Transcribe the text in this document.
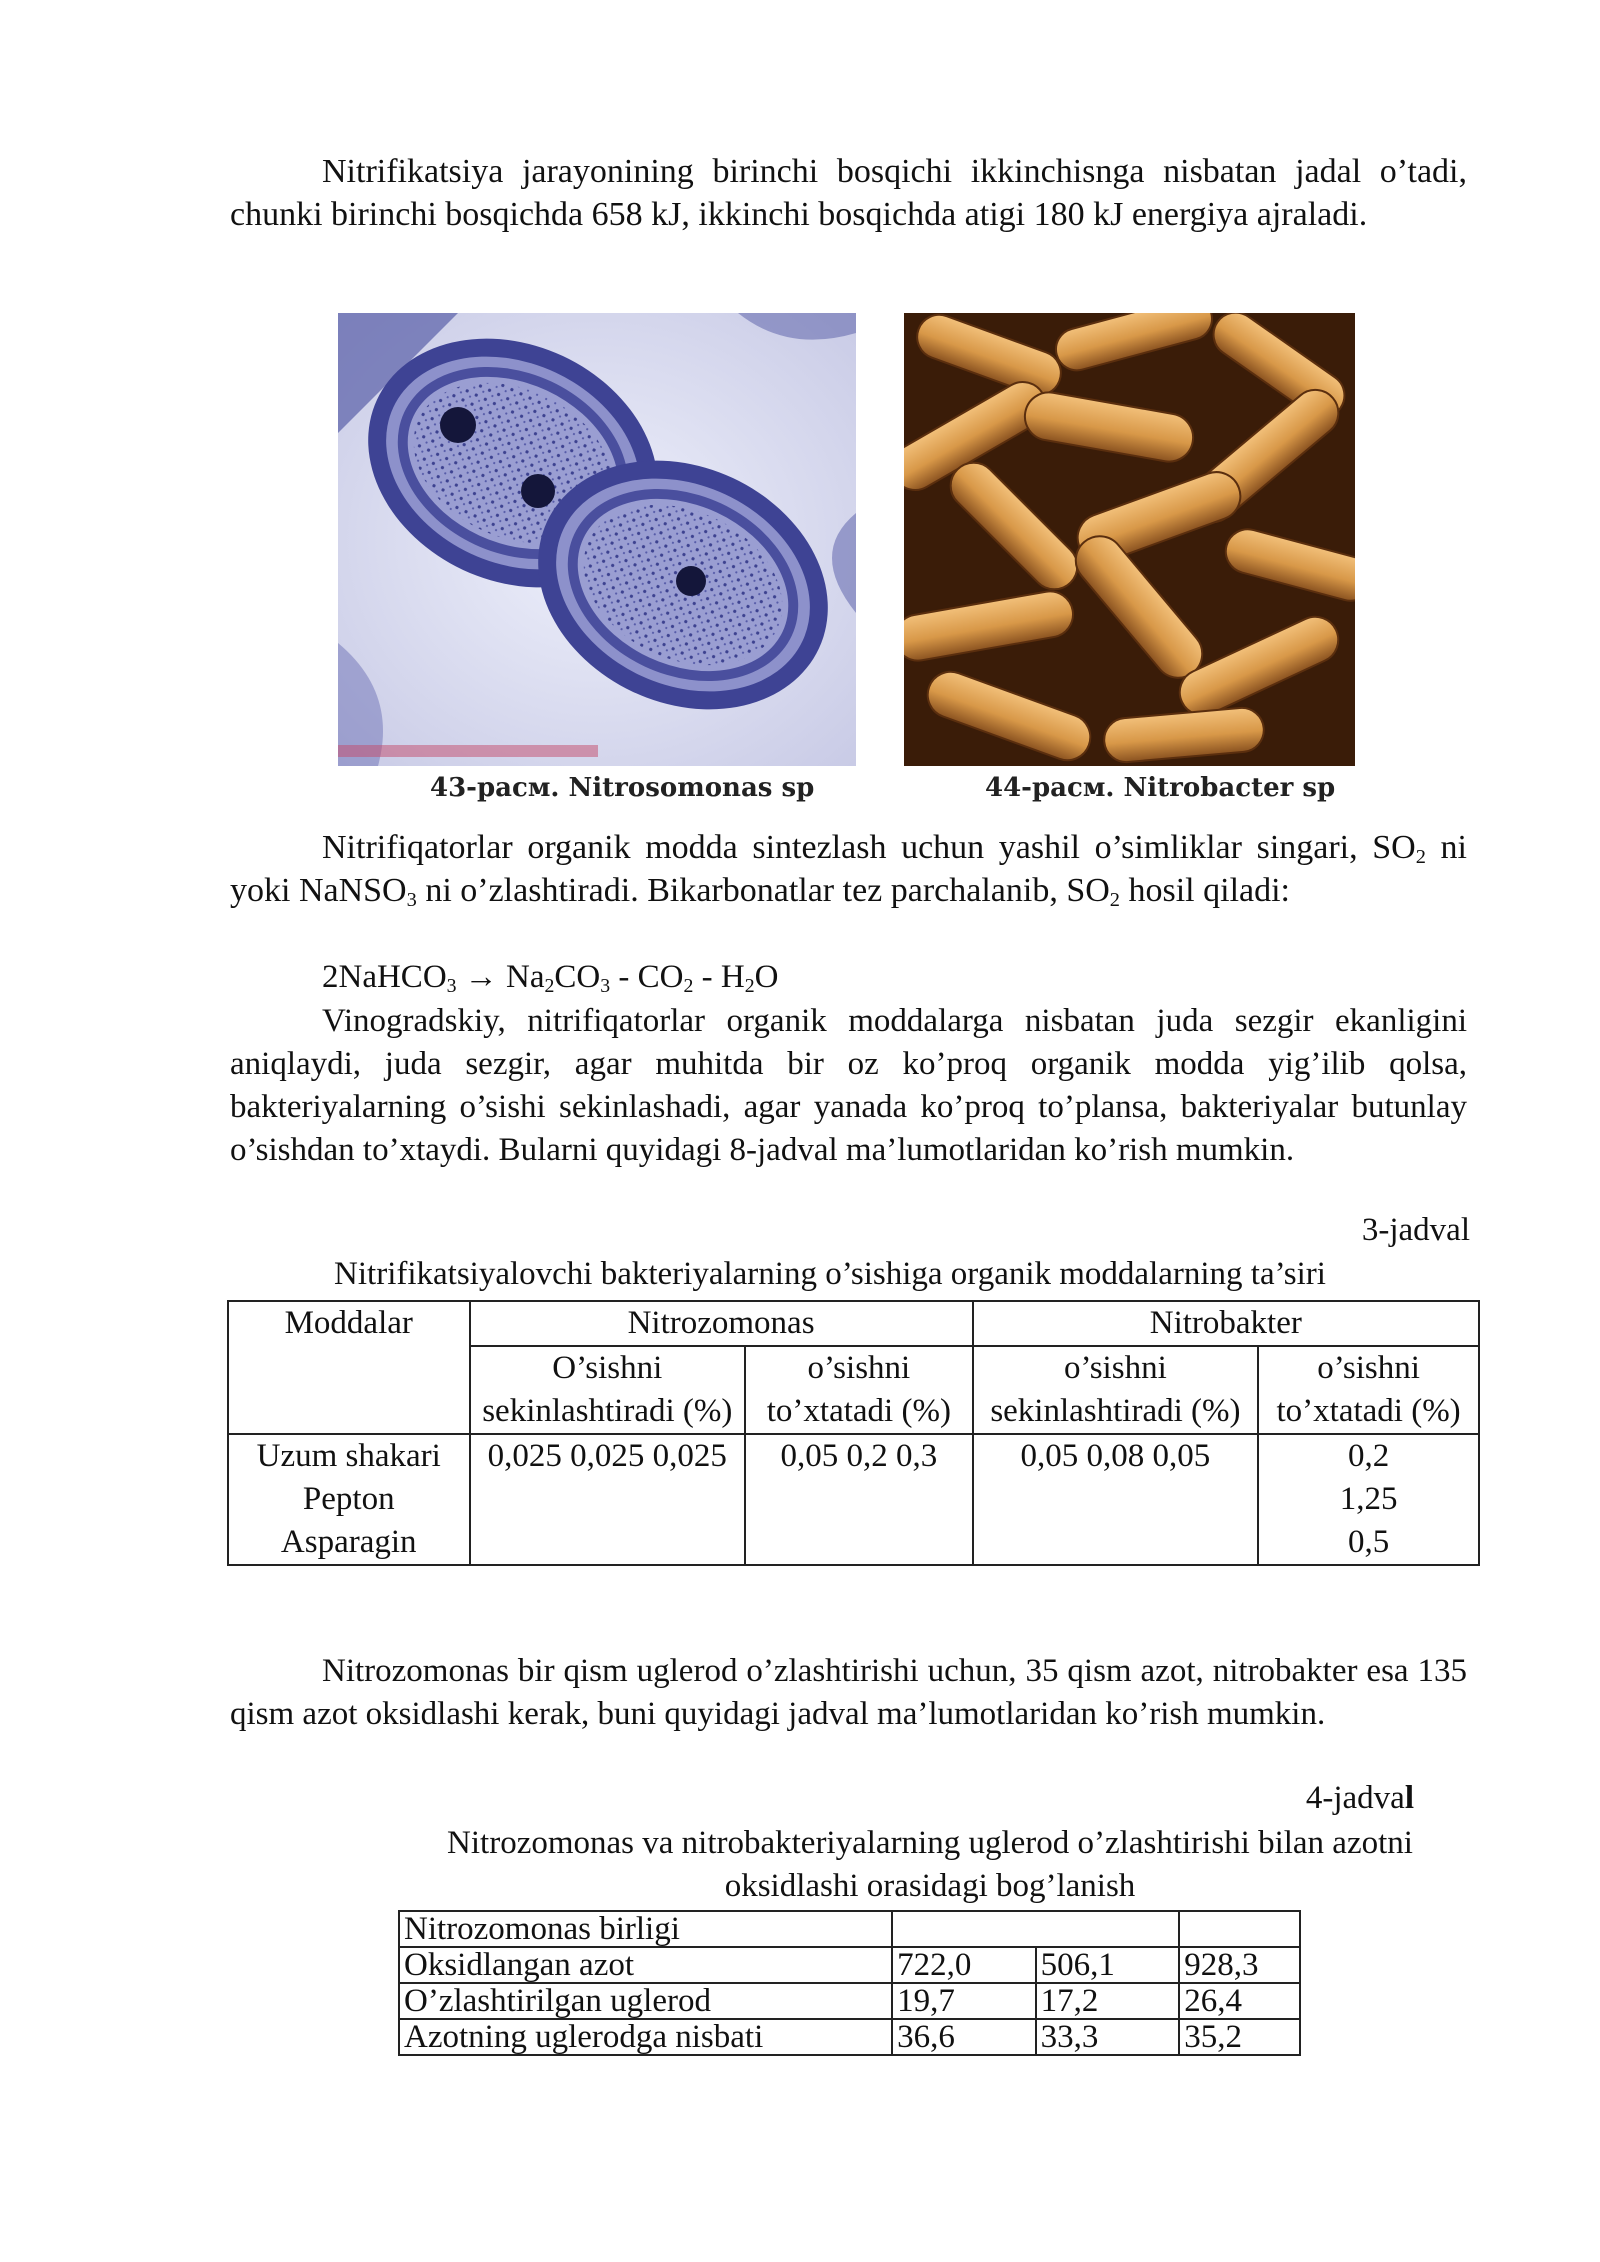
Nitrifikatsiya jarayonining birinchi bosqichi ikkinchisnga nisbatan jadal o’tadi, chunki birinchi bosqichda 658 kJ, ikkinchi bosqichda atigi 180 kJ energiya ajraladi.

43-расм. Nitrosomonas sp	44-расм. Nitrobacter sp

Nitrifiqatorlar organik modda sintezlash uchun yashil o’simliklar singari, $SO_2$ ni yoki NaNSO$_3$ ni o’zlashtiradi. Bikarbonatlar tez parchalanib, $SO_2$ hosil qiladi:

2NaHCO$_3$ → $Na_2CO_3 - CO_2 - H_2O$

Vinogradskiy, nitrifiqatorlar organik moddalarga nisbatan juda sezgir ekanligini aniqlaydi, juda sezgir, agar muhitda bir oz ko’proq organik modda yig’ilib qolsa, bakteriyalarning o’sishi sekinlashadi, agar yanada ko’proq to’plansa, bakteriyalar butunlay o’sishdan to’xtaydi. Bularni quyidagi 8-jadval ma’lumotlaridan ko’rish mumkin.

3-jadval
Nitrifikatsiyalovchi bakteriyalarning o’sishiga organik moddalarning ta’siri
Moddalar	Nitrozomonas		Nitrobakter	
	O’sishni sekinlashtiradi (%)	o’sishni to’xtatadi (%)	o’sishni sekinlashtiradi (%)	o’sishni to’xtatadi (%)
Uzum shakari Pepton Asparagin	0,025 0,025 0,025	0,05 0,2 0,3	0,05 0,08 0,05	0,2 1,25 0,5

Nitrozomonas bir qism uglerod o’zlashtirishi uchun, 35 qism azot, nitrobakter esa 135 qism azot oksidlashi kerak, buni quyidagi jadval ma’lumotlaridan ko’rish mumkin.

4-jadval
Nitrozomonas va nitrobakteriyalarning uglerod o’zlashtirishi bilan azotni oksidlashi orasidagi bog’lanish
Nitrozomonas birligi			
Oksidlangan azot	722,0	506,1	928,3
O’zlashtirilgan uglerod	19,7	17,2	26,4
Azotning uglerodga nisbati	36,6	33,3	35,2
